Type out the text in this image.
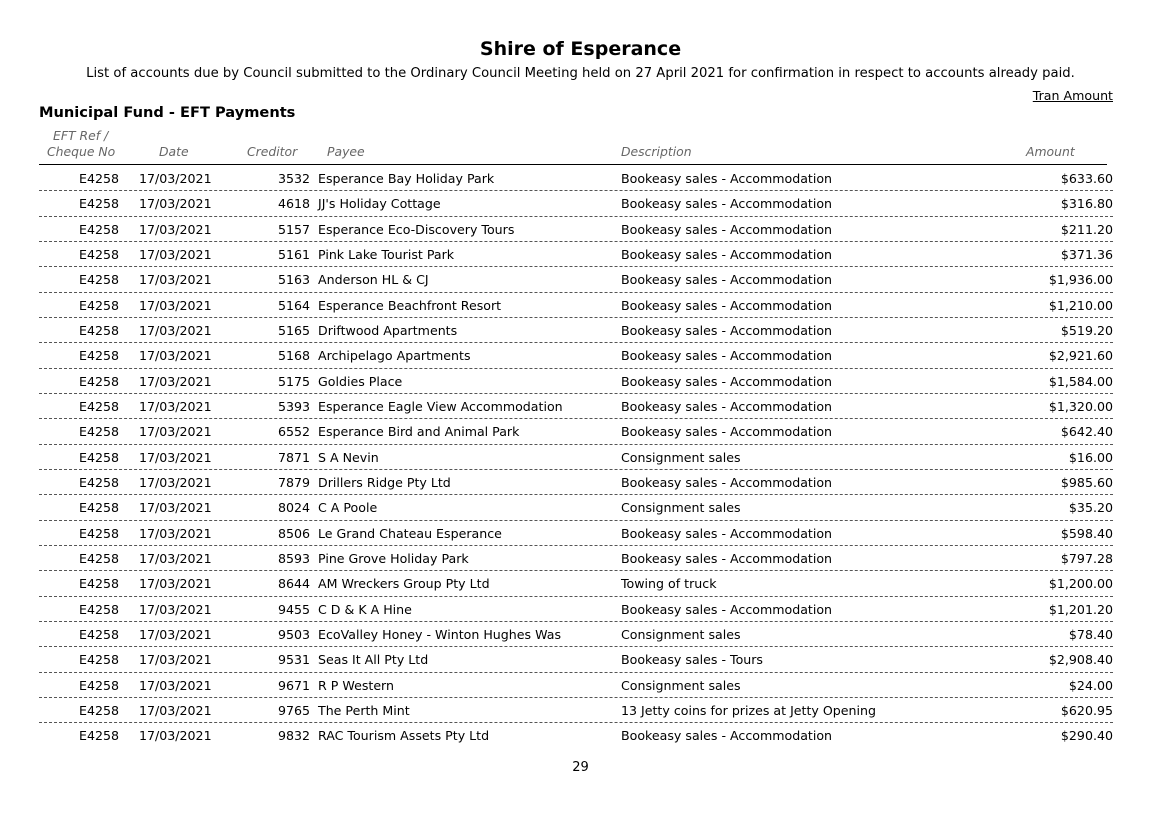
Shire of Esperance
List of accounts due by Council submitted to the Ordinary Council Meeting held on 27 April 2021 for confirmation in respect to accounts already paid.
Tran Amount
Municipal Fund - EFT Payments
EFT Ref /
Cheque No	Date	Creditor Payee	Description	Amount
E4258 17/03/2021	3532 Esperance Bay Holiday Park	Bookeasy sales - Accommodation	$633.60
E4258 17/03/2021	4618 JJ's Holiday Cottage	Bookeasy sales - Accommodation	$316.80
E4258 17/03/2021	5157 Esperance Eco-Discovery Tours	Bookeasy sales - Accommodation	$211.20
E4258 17/03/2021	5161 Pink Lake Tourist Park	Bookeasy sales - Accommodation	$371.36
E4258 17/03/2021	5163 Anderson HL & CJ	Bookeasy sales - Accommodation	$1,936.00
E4258 17/03/2021	5164 Esperance Beachfront Resort	Bookeasy sales - Accommodation	$1,210.00
E4258 17/03/2021	5165 Driftwood Apartments	Bookeasy sales - Accommodation	$519.20
E4258 17/03/2021	5168 Archipelago Apartments	Bookeasy sales - Accommodation	$2,921.60
E4258 17/03/2021	5175 Goldies Place	Bookeasy sales - Accommodation	$1,584.00
E4258 17/03/2021	5393 Esperance Eagle View Accommodation	Bookeasy sales - Accommodation	$1,320.00
E4258 17/03/2021	6552 Esperance Bird and Animal Park	Bookeasy sales - Accommodation	$642.40
E4258 17/03/2021	7871 S A Nevin	Consignment sales	$16.00
E4258 17/03/2021	7879 Drillers Ridge Pty Ltd	Bookeasy sales - Accommodation	$985.60
E4258 17/03/2021	8024 C A Poole	Consignment sales	$35.20
E4258 17/03/2021	8506 Le Grand Chateau Esperance	Bookeasy sales - Accommodation	$598.40
E4258 17/03/2021	8593 Pine Grove Holiday Park	Bookeasy sales - Accommodation	$797.28
E4258 17/03/2021	8644 AM Wreckers Group Pty Ltd	Towing of truck	$1,200.00
E4258 17/03/2021	9455 C D & K A Hine	Bookeasy sales - Accommodation	$1,201.20
E4258 17/03/2021	9503 EcoValley Honey - Winton Hughes Was	Consignment sales	$78.40
E4258 17/03/2021	9531 Seas It All Pty Ltd	Bookeasy sales - Tours	$2,908.40
E4258 17/03/2021	9671 R P Western	Consignment sales	$24.00
E4258 17/03/2021	9765 The Perth Mint	13 Jetty coins for prizes at Jetty Opening	$620.95
E4258 17/03/2021	9832 RAC Tourism Assets Pty Ltd	Bookeasy sales - Accommodation	$290.40
29
